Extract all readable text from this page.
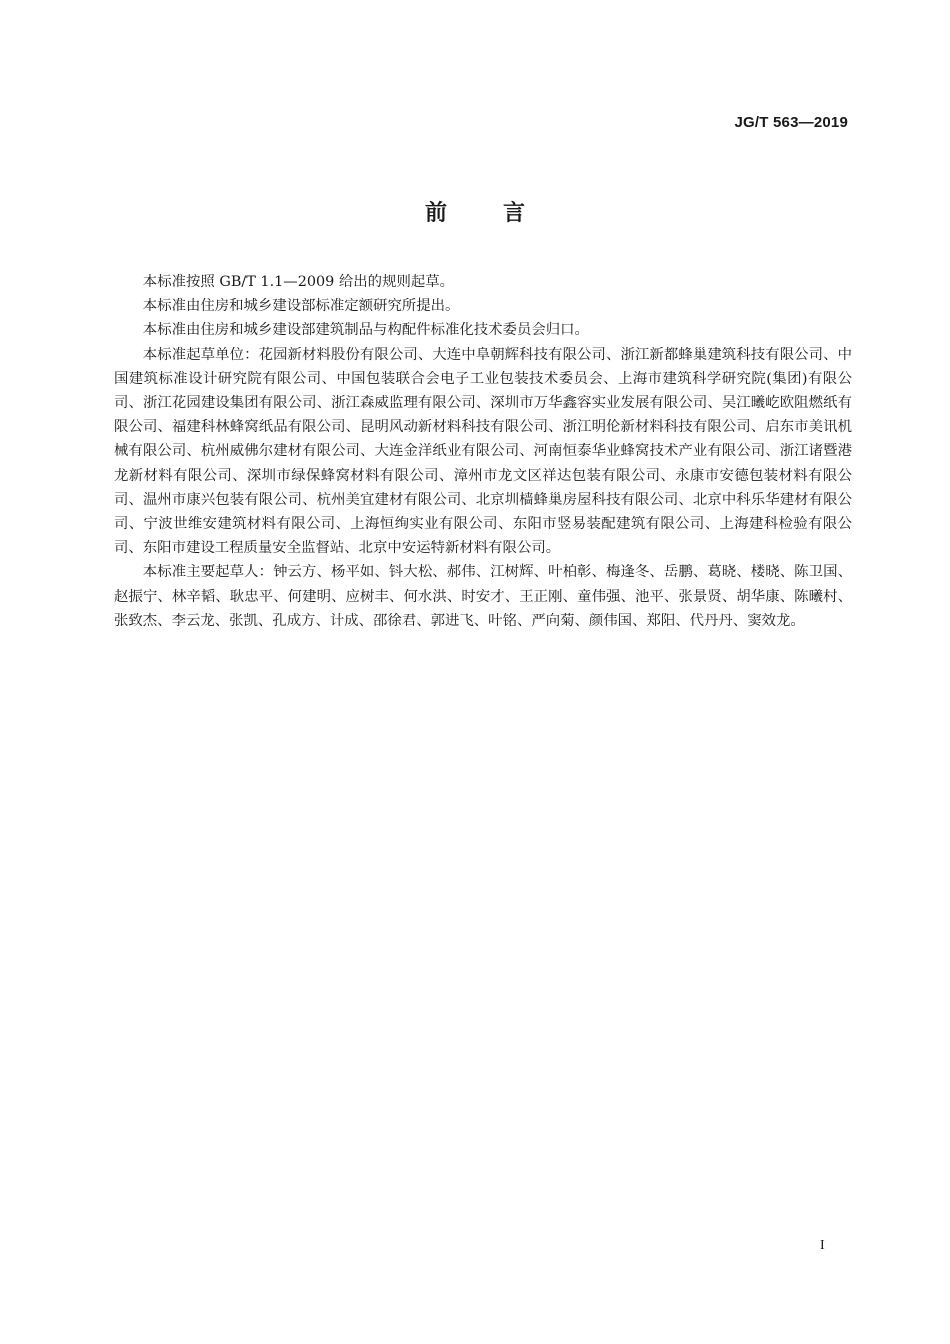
JG/T 563—2019
前言

本标准按照 GB/T 1.1—2009 给出的规则起草。

本标准由住房和城乡建设部标准定额研究所提出。

本标准由住房和城乡建设部建筑制品与构配件标准化技术委员会归口。

本标准起草单位：花园新材料股份有限公司、大连中阜朝辉科技有限公司、浙江新都蜂巢建筑科技有限公司、中国建筑标准设计研究院有限公司、中国包装联合会电子工业包装技术委员会、上海市建筑科学研究院(集团)有限公司、浙江花园建设集团有限公司、浙江森威监理有限公司、深圳市万华鑫容实业发展有限公司、吴江曦屹欧阻燃纸有限公司、福建科林蜂窝纸品有限公司、昆明风动新材料科技有限公司、浙江明伦新材料科技有限公司、启东市美讯机械有限公司、杭州威佛尔建材有限公司、大连金洋纸业有限公司、河南恒泰华业蜂窝技术产业有限公司、浙江诸暨港龙新材料有限公司、深圳市绿保蜂窝材料有限公司、漳州市龙文区祥达包装有限公司、永康市安德包装材料有限公司、温州市康兴包装有限公司、杭州美宜建材有限公司、北京圳樯蜂巢房屋科技有限公司、北京中科乐华建材有限公司、宁波世维安建筑材料有限公司、上海恒绚实业有限公司、东阳市竖易装配建筑有限公司、上海建科检验有限公司、东阳市建设工程质量安全监督站、北京中安运特新材料有限公司。

本标准主要起草人：钟云方、杨平如、钭大松、郝伟、江树辉、叶柏彰、梅逢冬、岳鹏、葛晓、楼晓、陈卫国、赵振宁、林辛韬、耿忠平、何建明、应树丰、何水洪、时安才、王正刚、童伟强、池平、张景贤、胡华康、陈曦村、张致杰、李云龙、张凯、孔成方、计成、邵徐君、郭进飞、叶铭、严向菊、颜伟国、郑阳、代丹丹、窦效龙。

I
